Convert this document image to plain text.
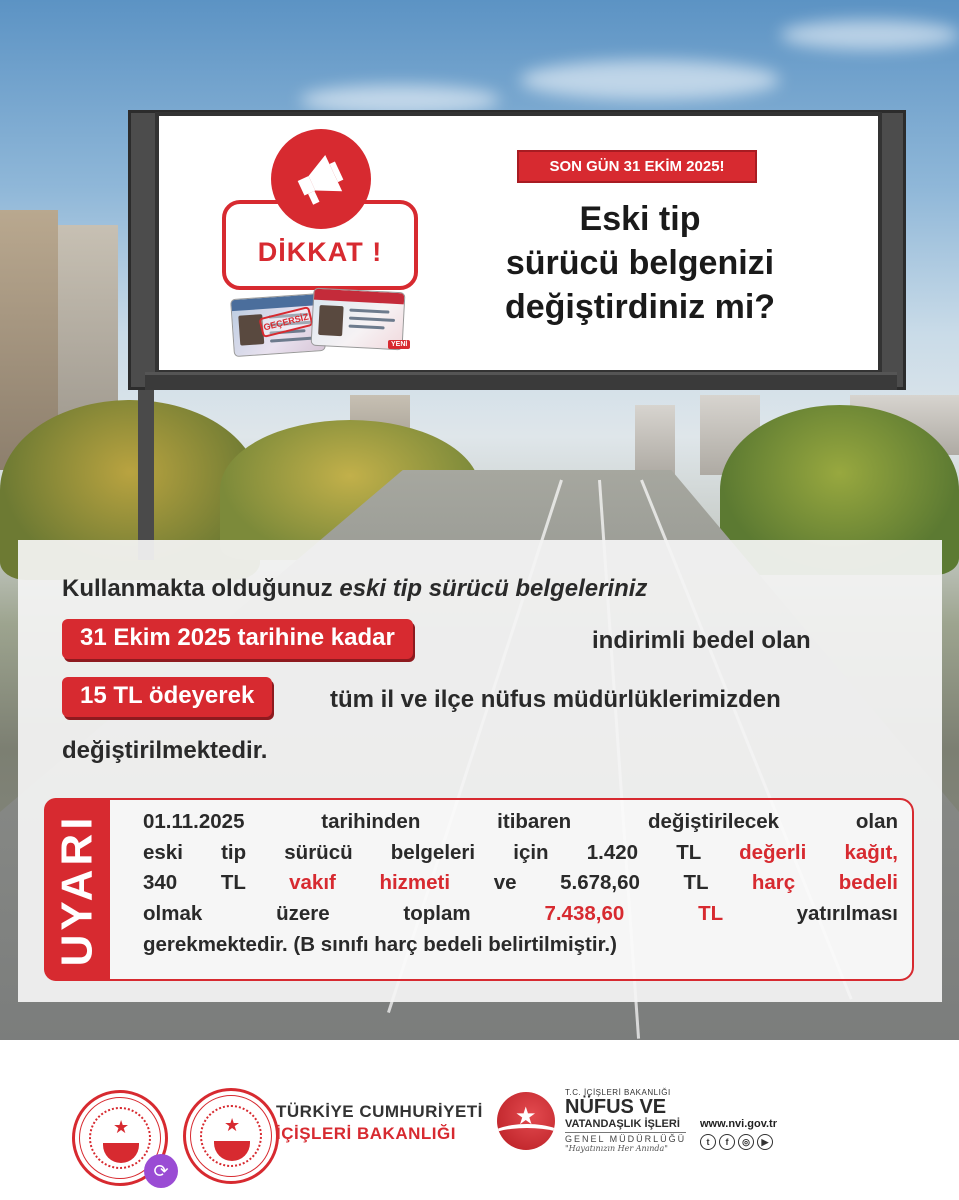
DİKKAT !
GEÇERSİZ
YENİ
SON GÜN 31 EKİM 2025!
Eski tip
sürücü belgenizi
değiştirdiniz mi?
Kullanmakta olduğunuz eski tip sürücü belgeleriniz
31 Ekim 2025 tarihine kadar	indirimli bedel olan
15 TL ödeyerek	tüm il ve ilçe nüfus müdürlüklerimizden
değiştirilmektedir.
UYARI 01.11.2025 tarihinden itibaren değiştirilecek olan
eski tip sürücü belgeleri için 1.420 TL değerli kağıt,
340 TL vakıf hizmeti ve 5.678,60 TL harç bedeli
olmak üzere toplam 7.438,60 TL yatırılması
gerekmektedir. (B sınıfı harç bedeli belirtilmiştir.)
★	★
⟳
TÜRKİYE CUMHURİYETİ
İÇİŞLERİ BAKANLIĞI
★
T.C. İÇİŞLERİ BAKANLIĞI
NÜFUS VE
VATANDAŞLIK İŞLERİ
GENEL MÜDÜRLÜĞÜ
"Hayatınızın Her Anında"
www.nvi.gov.tr
t	f	◎	▶
